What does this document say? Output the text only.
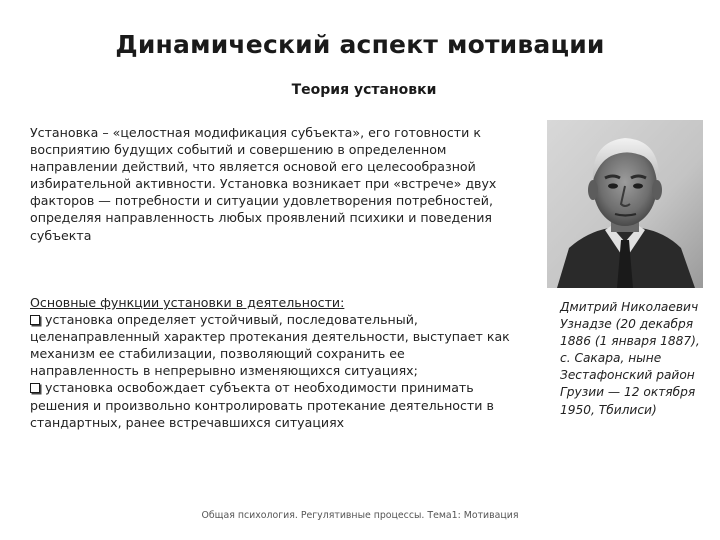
Динамический аспект мотивации
Теория установки
Установка – «целостная модификация субъекта», его готовности к
восприятию будущих событий и совершению в определенном
направлении действий, что является основой его целесообразной
избирательной активности. Установка возникает при «встрече» двух
факторов — потребности и ситуации удовлетворения потребностей,
определяя направленность любых проявлений психики и поведения
субъекта
Основные функции установки в деятельности:
установка определяет устойчивый, последовательный,
целенаправленный характер протекания деятельности, выступает как
механизм ее стабилизации, позволяющий сохранить ее
направленность в непрерывно изменяющихся ситуациях;
установка освобождает субъекта от необходимости принимать
решения и произвольно контролировать протекание деятельности в
стандартных, ранее встречавшихся ситуациях
Дмитрий Николаевич
Узнадзе (20 декабря
1886 (1 января 1887),
с. Сакара, ныне
Зестафонский район
Грузии — 12 октября
1950, Тбилиси)
Общая психология. Регулятивные процессы. Тема1: Мотивация
